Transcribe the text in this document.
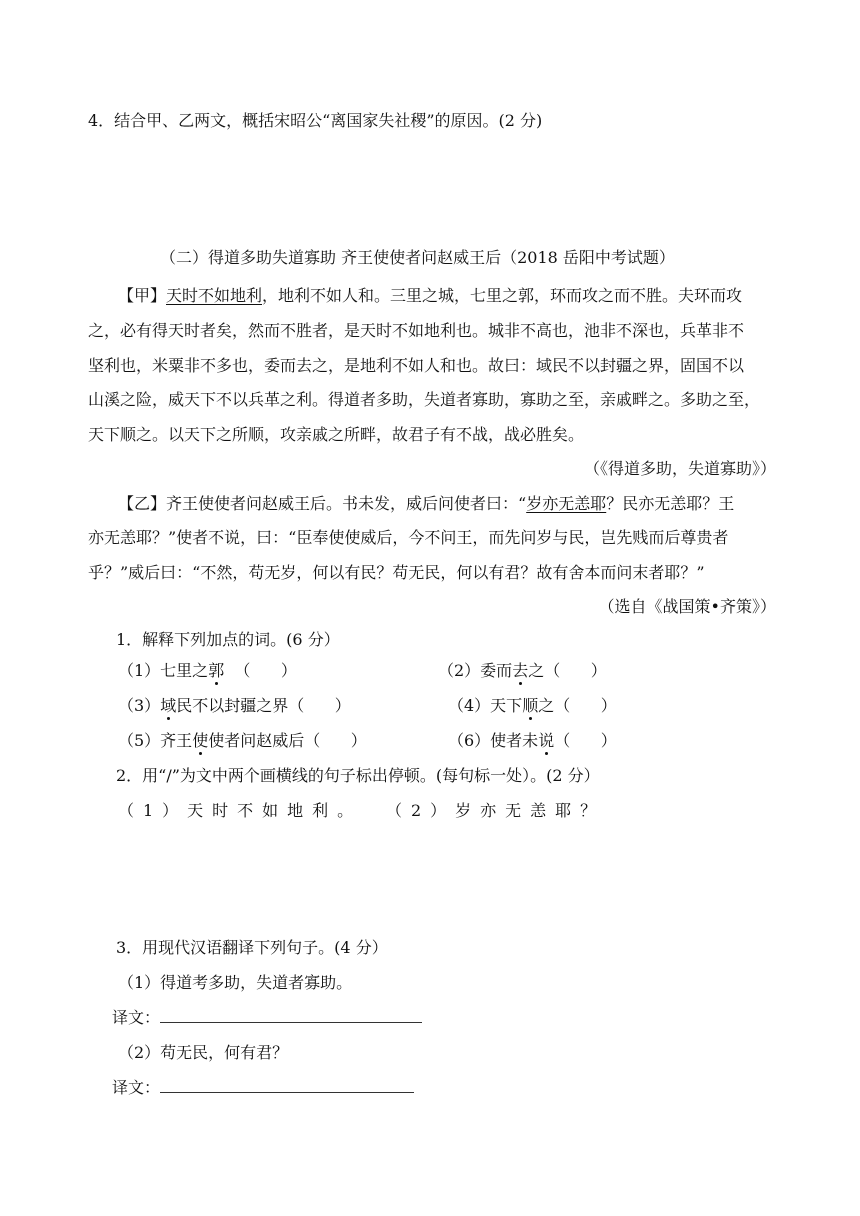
4．结合甲、乙两文，概括宋昭公“离国家失社稷”的原因。(2 分)
（二）得道多助失道寡助 齐王使使者问赵威王后（2018 岳阳中考试题）
【甲】天时不如地利，地利不如人和。三里之城，七里之郭，环而攻之而不胜。夫环而攻
之，必有得天时者矣，然而不胜者，是天时不如地利也。城非不高也，池非不深也，兵革非不
坚利也，米粟非不多也，委而去之，是地利不如人和也。故曰：域民不以封疆之界，固国不以
山溪之险，威天下不以兵革之利。得道者多助，失道者寡助，寡助之至，亲戚畔之。多助之至，
天下顺之。以天下之所顺，攻亲戚之所畔，故君子有不战，战必胜矣。
（《得道多助，失道寡助》）
【乙】齐王使使者问赵威王后。书未发，威后问使者曰：“岁亦无恙耶？民亦无恙耶？王
亦无恙耶？”使者不说，曰：“臣奉使使威后，今不问王，而先问岁与民，岂先贱而后尊贵者
乎？”威后曰：“不然，苟无岁，何以有民？苟无民，何以有君？故有舍本而问末者耶？”
（选自《战国策•齐策》）
1．解释下列加点的词。(6 分）
（1）七里之郭  （      ）	（2）委而去之（      ）
（3）域民不以封疆之界（      ）	（4）天下顺之（      ）
（5）齐王使使者问赵威后（      ）	（6）使者未说（      ）
2．用“/”为文中两个画横线的句子标出停顿。(每句标一处）。(2 分）
（1）天时不如地利。 （2）岁亦无恙耶？
3．用现代汉语翻译下列句子。(4 分）
（1）得道考多助，失道者寡助。
译文：
（2）苟无民，何有君？
译文：
